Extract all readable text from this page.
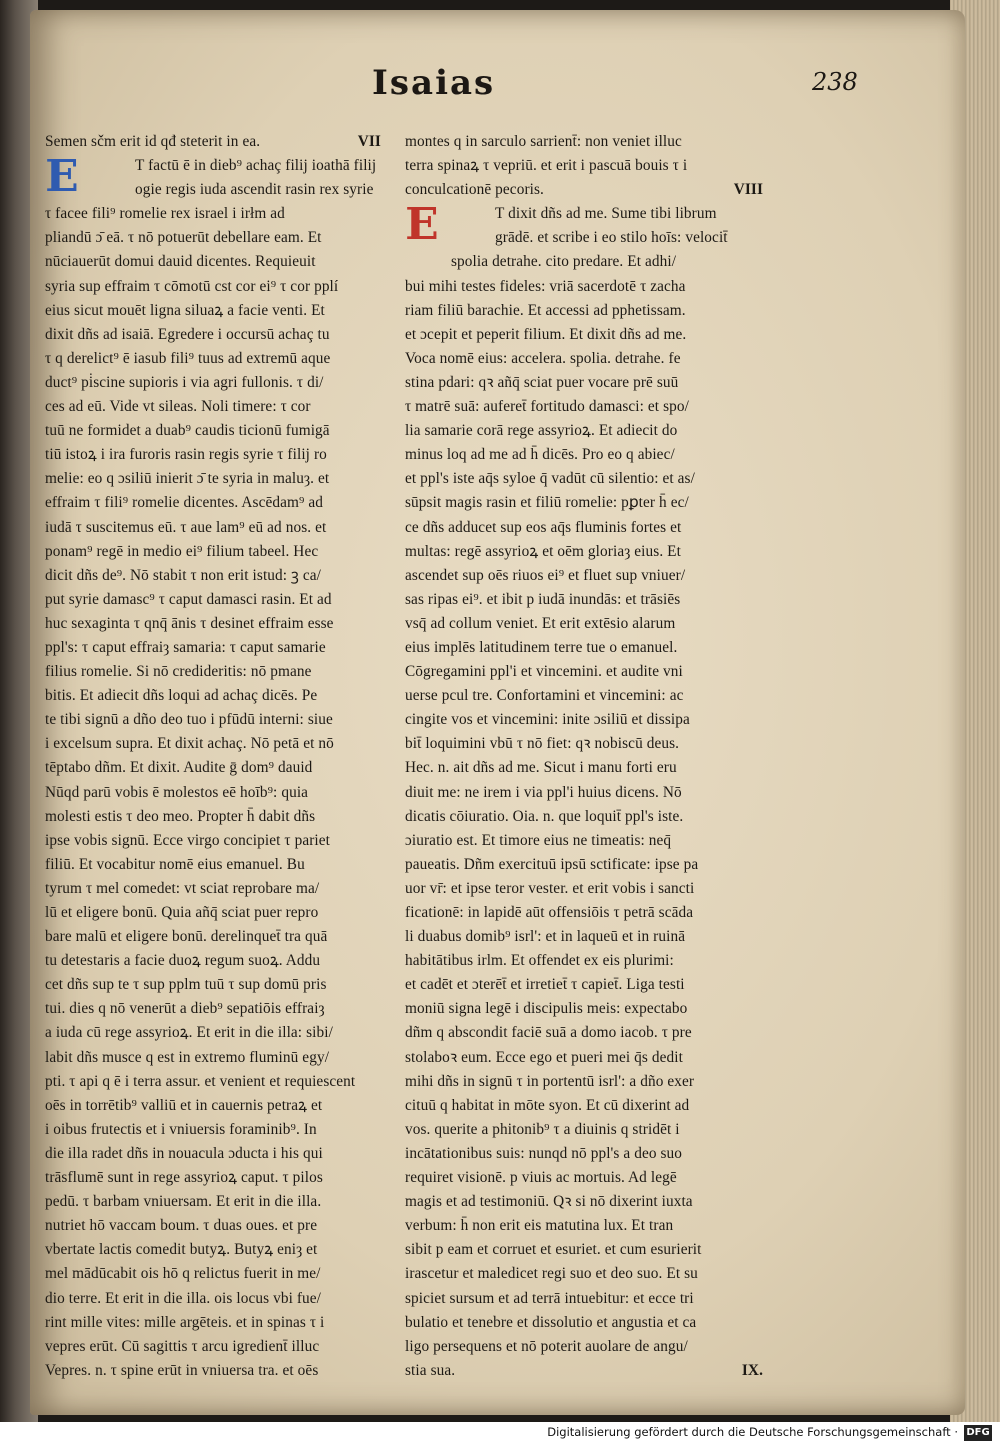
Isaias	238
Semen sčm erit id qđ steterit in ea.	VII
E	T factū ē in dieb⁹ achaç filij ioathā filij
ogie regis iuda ascendit rasin rex syrie
τ facee fili⁹ romelie rex israel i irłm ad
pliandū ɔ̄ eā. τ nō potuerūt debellare eam. Et
nūciauerūt domui dauid dicentes. Requieuit
syria sup effraim τ cōmotū cst cor ei⁹ τ cor pplí
eius sicut mouēt ligna siluaꝝ a facie venti. Et
dixit dñs ad isaiā. Egredere i occursū achaç tu
τ q derelict⁹ ē iasub fili⁹ tuus ad extremū aque
duct⁹ pi̇scine supioris i via agri fullonis. τ di/
ces ad eū. Vide vt sileas. Noli timere: τ cor
tuū ne formidet a duab⁹ caudis ticionū fumigā
tiū istoꝝ i ira furoris rasin regis syrie τ filij ro
melie: eo q ɔsiliū inierit ɔ̄ te syria in maluȝ. et
effraim τ fili⁹ romelie dicentes. Ascēdam⁹ ad
iudā τ suscitemus eū. τ aue lam⁹ eū ad nos. et
ponam⁹ regē in medio ei⁹ filium tabeel. Hec
dicit dñs de⁹. Nō stabit τ non erit istud: ꝫ ca/
put syrie damasc⁹ τ caput damasci rasin. Et ad
huc sexaginta τ qnq̄ ānis τ desinet effraim esse
ppl's: τ caput effraiȝ samaria: τ caput samarie
filius romelie. Si nō credideritis: nō pmane
bitis. Et adiecit dñs loqui ad achaç dicēs. Pe
te tibi signū a dño deo tuo i pfūdū interni: siue
i excelsum supra. Et dixit achaç. Nō petā et nō
tēptabo dñm. Et dixit. Audite ḡ dom⁹ dauid
Nūqd parū vobis ē molestos eē hoīb⁹: quia
molesti estis τ deo meo. Propter h̄ dabit dñs
ipse vobis signū. Ecce virgo concipiet τ pariet
filiū. Et vocabitur nomē eius emanuel. Bu
tyrum τ mel comedet: vt sciat reprobare ma/
lū et eligere bonū. Quia añq̄ sciat puer repro
bare malū et eligere bonū. derelinquet̄ tra quā
tu detestaris a facie duoꝝ regum suoꝝ. Addu
cet dñs sup te τ sup pplm tuū τ sup domū pris
tui. dies q nō venerūt a dieb⁹ sepatiōis effraiȝ
a iuda cū rege assyrioꝝ. Et erit in die illa: sibi/
labit dñs musce q est in extremo fluminū egy/
pti. τ api q ē i terra assur. et venient et requiescent
oēs in torrētib⁹ valliū et in cauernis petraꝝ et
i oibus frutectis et i vniuersis foraminib⁹. In
die illa radet dñs in nouacula ɔducta i his qui
trāsflumē sunt in rege assyrioꝝ caput. τ pilos
pedū. τ barbam vniuersam. Et erit in die illa.
nutriet hō vaccam boum. τ duas oues. et pre
vbertate lactis comedit butyꝝ. Butyꝝ eniȝ et
mel mādūcabit ois hō q relictus fuerit in me/
dio terre. Et erit in die illa. ois locus vbi fue/
rint mille vites: mille argēteis. et in spinas τ i
vepres erūt. Cū sagittis τ arcu igredient̄ illuc
Vepres. n. τ spine erūt in vniuersa tra. et oēs
montes q in sarculo sarrient̄: non veniet illuc
terra spinaꝝ τ vepriū. et erit i pascuā bouis τ i
conculcationē pecoris.	VIII
E	T dixit dñs ad me. Sume tibi librum
grādē. et scribe i eo stilo hoīs: velocit̄
spolia detrahe. cito predare. Et adhi/
bui mihi testes fideles: vriā sacerdotē τ zacha
riam filiū barachie. Et accessi ad pphetissam.
et ɔcepit et peperit filium. Et dixit dñs ad me.
Voca nomē eius: accelera. spolia. detrahe. fe
stina pdari: qꝛ añq̄ sciat puer vocare prē suū
τ matrē suā: auferet̄ fortitudo damasci: et spo/
lia samarie corā rege assyrioꝝ. Et adiecit do
minus loq ad me ad h̄ dicēs. Pro eo q abiec/
et ppl's iste aq̄s syloe q̄ vadūt cū silentio: et as/
sūpsit magis rasin et filiū romelie: pꝑter h̄ ec/
ce dñs adducet sup eos aq̄s fluminis fortes et
multas: regē assyrioꝝ et oēm gloriaȝ eius. Et
ascendet sup oēs riuos ei⁹ et fluet sup vniuer/
sas ripas ei⁹. et ibit p iudā inundās: et trāsiēs
vsq̄ ad collum veniet. Et erit extēsio alarum
eius implēs latitudinem terre tue o emanuel.
Cōgregamini ppl'i et vincemini. et audite vni
uerse pcul tre. Confortamini et vincemini: ac
cingite vos et vincemini: inite ɔsiliū et dissipa
bit̄ loquimini vbū τ nō fiet: qꝛ nobiscū deus.
Hec. n. ait dñs ad me. Sicut i manu forti eru
diuit me: ne irem i via ppl'i huius dicens. Nō
dicatis cōiuratio. Oia. n. que loquit̄ ppl's iste.
ɔiuratio est. Et timore eius ne timeatis: neq̄
paueatis. Dñm exercituū ipsū sctificate: ipse pa
uor vr̄: et ipse teror vester. et erit vobis i sancti
ficationē: in lapidē aūt offensiōis τ petrā scāda
li duabus domib⁹ isrl': et in laqueū et in ruinā
habitātibus irlm. Et offendet ex eis plurimi:
et cadēt et ɔterēt̄ et irretiet̄ τ capiet̄. Liga testi
moniū signa legē i discipulis meis: expectabo
dñm q abscondit faciē suā a domo iacob. τ pre
stolaboꝛ eum. Ecce ego et pueri mei q̄s dedit
mihi dñs in signū τ in portentū isrl': a dño exer
cituū q habitat in mōte syon. Et cū dixerint ad
vos. querite a phitonib⁹ τ a diuinis q stridēt i
incātationibus suis: nunqd nō ppl's a deo suo
requiret visionē. p viuis ac mortuis. Ad legē
magis et ad testimoniū. Qꝛ si nō dixerint iuxta
verbum: h̄ non erit eis matutina lux. Et tran
sibit p eam et corruet et esuriet. et cum esurierit
irascetur et maledicet regi suo et deo suo. Et su
spiciet sursum et ad terrā intuebitur: et ecce tri
bulatio et tenebre et dissolutio et angustia et ca
ligo persequens et nō poterit auolare de angu/
stia sua.	IX.
Digitalisierung gefördert durch die Deutsche Forschungsgemeinschaft · DFG
